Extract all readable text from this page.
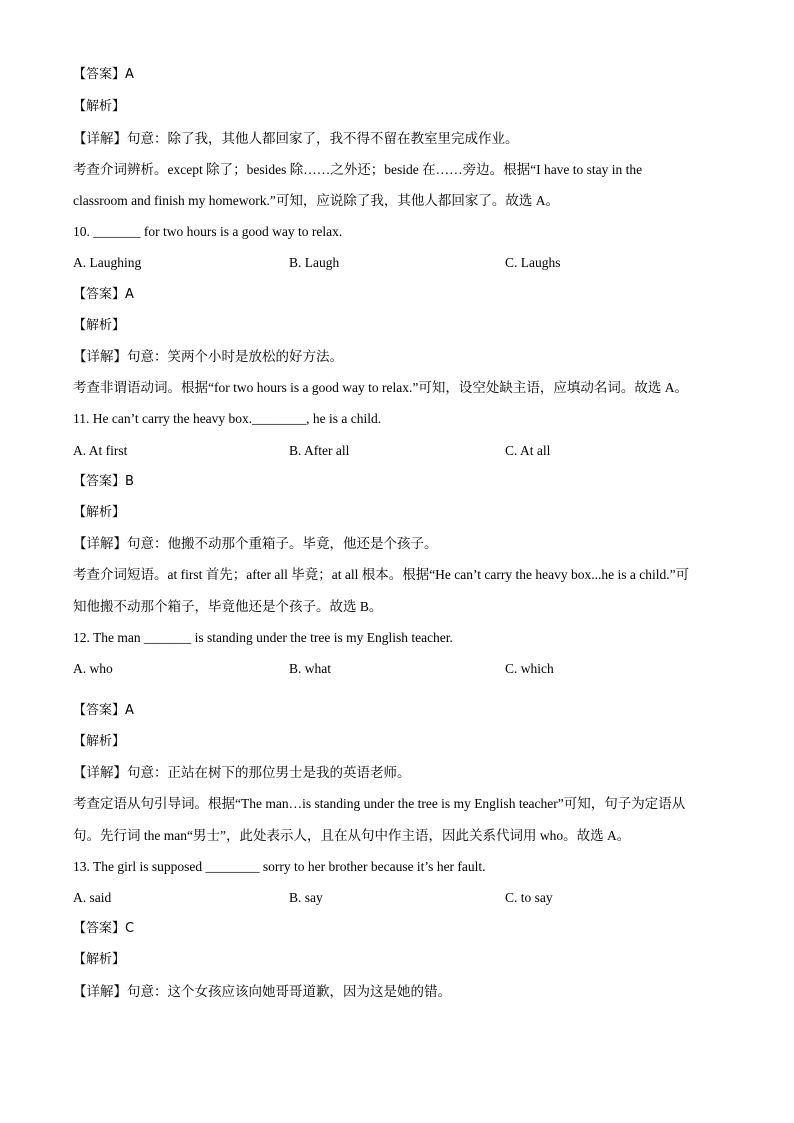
【答案】A
【解析】
【详解】句意：除了我，其他人都回家了，我不得不留在教室里完成作业。
考查介词辨析。except 除了；besides 除……之外还；beside 在……旁边。根据“I have to stay in the
classroom and finish my homework.”可知，应说除了我，其他人都回家了。故选 A。
10. _______ for two hours is a good way to relax.
A. Laughing	B. Laugh	C. Laughs
【答案】A
【解析】
【详解】句意：笑两个小时是放松的好方法。
考查非谓语动词。根据“for two hours is a good way to relax.”可知，设空处缺主语，应填动名词。故选 A。
11. He can’t carry the heavy box.________, he is a child.
A. At first	B. After all	C. At all
【答案】B
【解析】
【详解】句意：他搬不动那个重箱子。毕竟，他还是个孩子。
考查介词短语。at first 首先；after all 毕竟；at all 根本。根据“He can’t carry the heavy box...he is a child.”可
知他搬不动那个箱子，毕竟他还是个孩子。故选 B。
12. The man _______ is standing under the tree is my English teacher.
A. who	B. what	C. which
【答案】A
【解析】
【详解】句意：正站在树下的那位男士是我的英语老师。
考查定语从句引导词。根据“The man…is standing under the tree is my English teacher”可知，句子为定语从
句。先行词 the man“男士”，此处表示人，且在从句中作主语，因此关系代词用 who。故选 A。
13. The girl is supposed ________ sorry to her brother because it’s her fault.
A. said	B. say	C. to say
【答案】C
【解析】
【详解】句意：这个女孩应该向她哥哥道歉，因为这是她的错。
